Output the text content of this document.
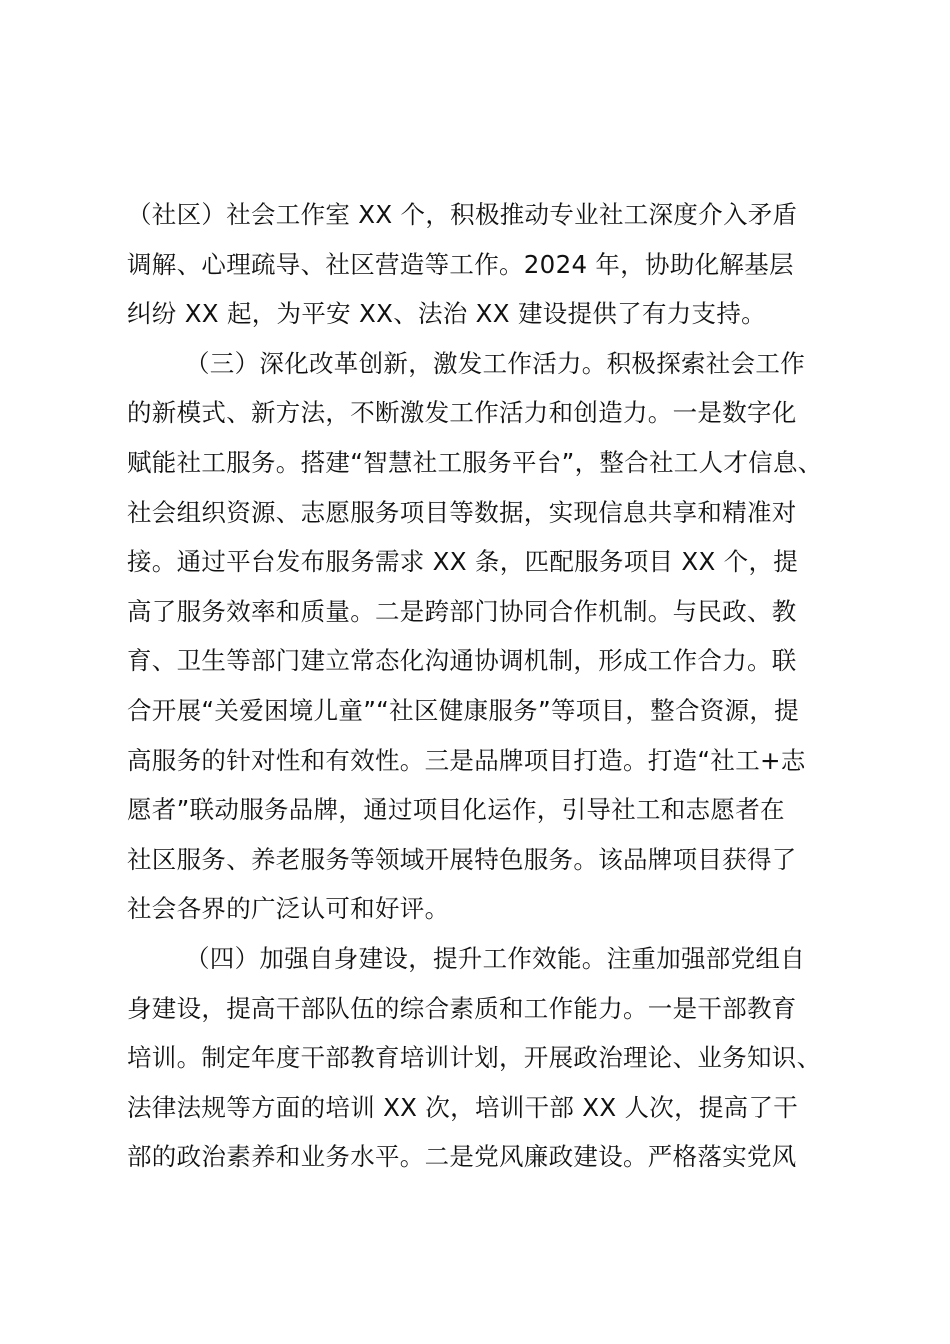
（社区）社会工作室 XX 个，积极推动专业社工深度介入矛盾
调解、心理疏导、社区营造等工作。2024 年，协助化解基层
纠纷 XX 起，为平安 XX、法治 XX 建设提供了有力支持。
（三）深化改革创新，激发工作活力。积极探索社会工作
的新模式、新方法，不断激发工作活力和创造力。一是数字化
赋能社工服务。搭建“智慧社工服务平台”，整合社工人才信息、
社会组织资源、志愿服务项目等数据，实现信息共享和精准对
接。通过平台发布服务需求 XX 条，匹配服务项目 XX 个，提
高了服务效率和质量。二是跨部门协同合作机制。与民政、教
育、卫生等部门建立常态化沟通协调机制，形成工作合力。联
合开展“关爱困境儿童”“社区健康服务”等项目，整合资源，提
高服务的针对性和有效性。三是品牌项目打造。打造“社工+志
愿者”联动服务品牌，通过项目化运作，引导社工和志愿者在
社区服务、养老服务等领域开展特色服务。该品牌项目获得了
社会各界的广泛认可和好评。
（四）加强自身建设，提升工作效能。注重加强部党组自
身建设，提高干部队伍的综合素质和工作能力。一是干部教育
培训。制定年度干部教育培训计划，开展政治理论、业务知识、
法律法规等方面的培训 XX 次，培训干部 XX 人次，提高了干
部的政治素养和业务水平。二是党风廉政建设。严格落实党风
